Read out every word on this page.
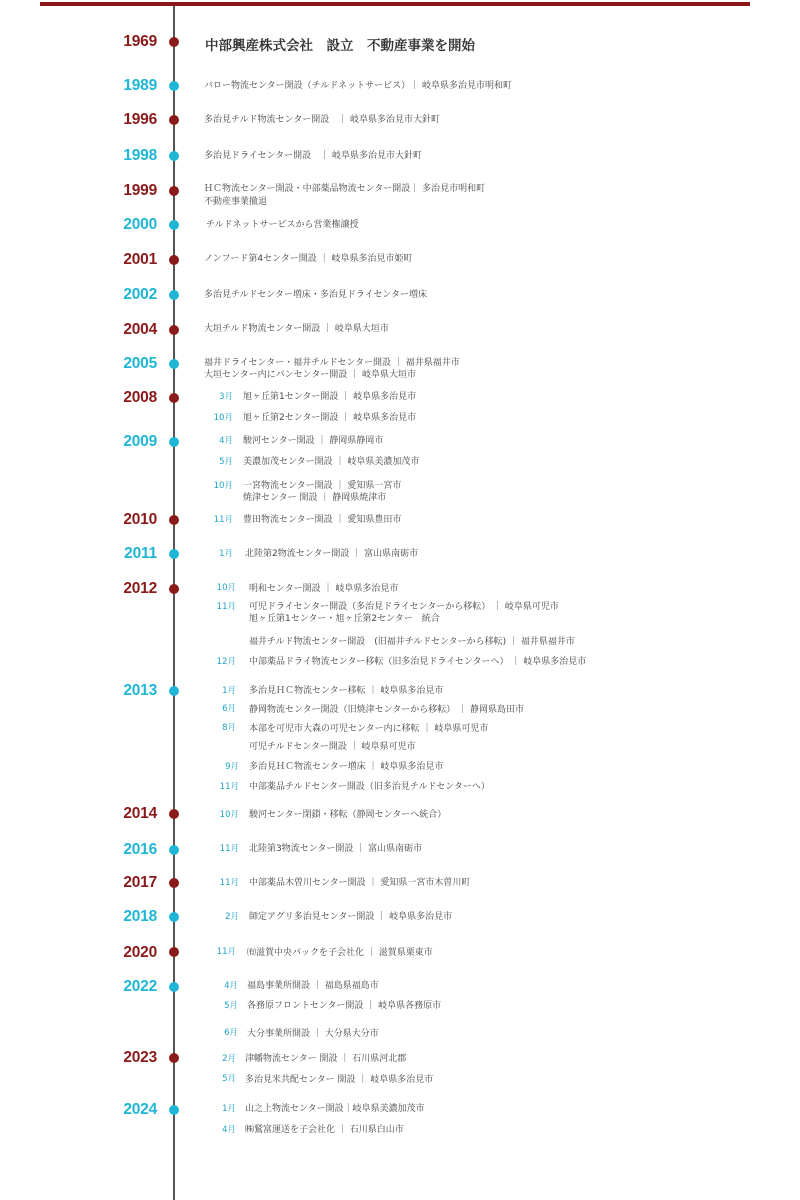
1969	中部興産株式会社　設立　不動産事業を開始
1989	バロー物流センター開設（チルドネットサービス）｜ 岐阜県多治見市明和町
1996	多治見チルド物流センター開設　｜ 岐阜県多治見市大針町
1998	多治見ドライセンター開設　｜ 岐阜県多治見市大針町
1999	ＨＣ物流センター開設・中部薬品物流センター開設｜ 多治見市明和町
不動産事業撤退
2000	チルドネットサービスから営業権譲授
2001	ノンフード第4センター開設 ｜ 岐阜県多治見市姫町
2002	多治見チルドセンター増床・多治見ドライセンター増床
2004	大垣チルド物流センター開設 ｜ 岐阜県大垣市
2005	福井ドライセンター・福井チルドセンター開設 ｜ 福井県福井市
大垣センター内にパンセンター開設 ｜ 岐阜県大垣市
2008	3月 旭ヶ丘第1センター開設 ｜ 岐阜県多治見市
10月 旭ヶ丘第2センター開設 ｜ 岐阜県多治見市
2009	4月 駿河センター開設 ｜ 静岡県静岡市
5月 美濃加茂センター開設 ｜ 岐阜県美濃加茂市
10月 一宮物流センター開設 ｜ 愛知県一宮市
焼津センター 開設 ｜ 静岡県焼津市
2010	11月 豊田物流センター開設 ｜ 愛知県豊田市
2011	1月 北陸第2物流センター開設 ｜ 富山県南砺市
2012	10月 明和センター開設 ｜ 岐阜県多治見市
11月 可児ドライセンター開設（多治見ドライセンターから移転） ｜ 岐阜県可児市
旭ヶ丘第1センター・旭ヶ丘第2センター　統合
福井チルド物流センター開設　(旧福井チルドセンターから移転) ｜ 福井県福井市
12月 中部薬品ドライ物流センター移転（旧多治見ドライセンターへ） ｜ 岐阜県多治見市
2013	1月 多治見ＨＣ物流センター移転 ｜ 岐阜県多治見市
6月 静岡物流センター開設（旧焼津センターから移転） ｜ 静岡県島田市
8月 本部を可児市大森の可児センター内に移転 ｜ 岐阜県可児市
可児チルドセンター開設 ｜ 岐阜県可児市
9月 多治見ＨＣ物流センター増床 ｜ 岐阜県多治見市
11月 中部薬品チルドセンター開設（旧多治見チルドセンターへ）
2014	10月 駿河センター閉鎖・移転（静岡センターへ統合）
2016	11月 北陸第3物流センター開設 ｜ 富山県南砺市
2017	11月 中部薬品木曽川センター開設 ｜ 愛知県一宮市木曽川町
2018	2月 師定アグリ多治見センター開設 ｜ 岐阜県多治見市
2020	11月 ㈲滋賀中央パックを子会社化 ｜ 滋賀県栗東市
2022	4月 福島事業所開設 ｜ 福島県福島市
5月 各務原フロントセンター開設 ｜ 岐阜県各務原市
6月 大分事業所開設 ｜ 大分県大分市
2023	2月 津幡物流センター 開設 ｜ 石川県河北郡
5月 多治見米共配センター 開設 ｜ 岐阜県多治見市
2024	1月 山之上物流センター開設｜岐阜県美濃加茂市
4月 ㈱鷲富運送を子会社化 ｜ 石川県白山市
